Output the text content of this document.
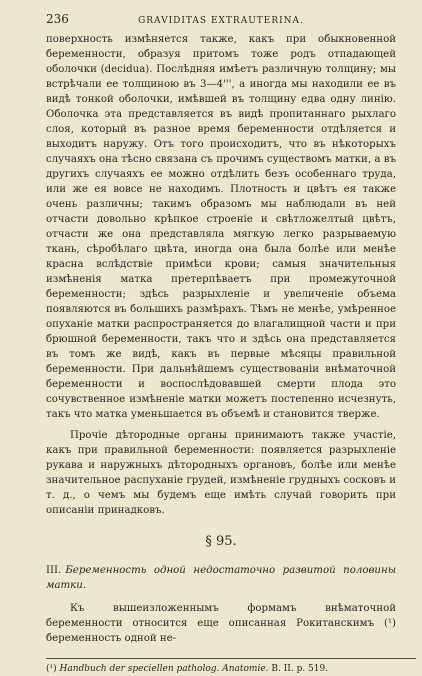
236	GRAVIDITAS EXTRAUTERINA.

поверхность измѣняется также, какъ при обыкновенной беременности, образуя притомъ тоже родъ отпадающей оболочки (decidua). Послѣдняя имѣетъ различную толщину; мы встрѣчали ее толщиною въ 3—4''', а иногда мы находили ее въ видѣ тонкой оболочки, имѣвшей въ толщину едва одну линію. Оболочка эта представляется въ видѣ пропитаннаго рыхлаго слоя, который въ разное время беременности отдѣляется и выходитъ наружу. Отъ того происходитъ, что въ нѣкоторыхъ случаяхъ она тѣсно связана съ прочимъ существомъ матки, а въ другихъ случаяхъ ее можно отдѣлить безъ особеннаго труда, или же ея вовсе не находимъ. Плотность и цвѣтъ ея также очень различны; такимъ образомъ мы наблюдали въ ней отчасти довольно крѣпкое строеніе и свѣтложелтый цвѣтъ, отчасти же она представляла мягкую легко разрываемую ткань, сѣробѣлаго цвѣта, иногда она была болѣе или менѣе красна вслѣдствіе примѣси крови; самыя значительныя измѣненія матка претерпѣваетъ при промежуточной беременности; здѣсь разрыхленіе и увеличеніе объема появляются въ большихъ размѣрахъ. Тѣмъ не менѣе, умѣренное опуханіе матки распространяется до влагалищной части и при брюшной беременности, такъ что и здѣсь она представляется въ томъ же видѣ, какъ въ первые мѣсяцы правильной беременности. При дальнѣйшемъ существованіи внѣматочной беременности и воспослѣдовавшей смерти плода это сочувственное измѣненіе матки можетъ постепенно исчезнуть, такъ что матка уменьшается въ объемѣ и становится тверже.

Прочіе дѣтородные органы принимаютъ также участіе, какъ при правильной беременности: появляется разрыхленіе рукава и наружныхъ дѣтородныхъ органовъ, болѣе или менѣе значительное распуханіе грудей, измѣненіе грудныхъ сосковъ и т. д., о чемъ мы будемъ еще имѣть случай говорить при описаніи принадковъ.

§ 95.
III. Беременность одной недостаточно развитой половины матки.

Къ вышеизложеннымъ формамъ внѣматочной беременности относится еще описанная Рокитанскимъ (¹) беременность одной не-

(¹) Handbuch der speciellen patholog. Anatomie. B. II. p. 519.
